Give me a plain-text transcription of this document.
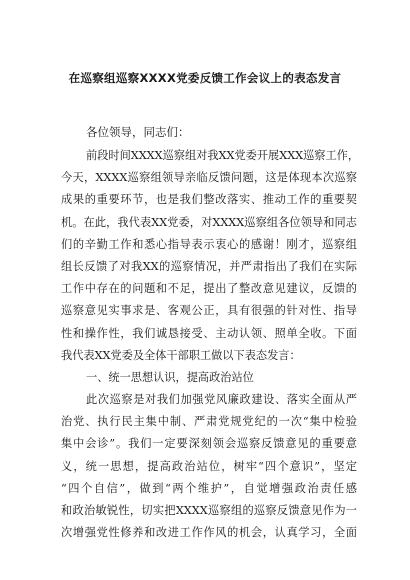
在巡察组巡察XXXX党委反馈工作会议上的表态发言
各位领导，同志们：
前段时间XXXX巡察组对我XX党委开展XXX巡察工作，
今天，XXXX巡察组领导亲临反馈问题，这是体现本次巡察
成果的重要环节，也是我们整改落实、推动工作的重要契
机。在此，我代表XX党委，对XXXX巡察组各位领导和同志
们的辛勤工作和悉心指导表示衷心的感谢！刚才，巡察组
组长反馈了对我XX的巡察情况，并严肃指出了我们在实际
工作中存在的问题和不足，提出了整改意见建议，反馈的
巡察意见实事求是、客观公正，具有很强的针对性、指导
性和操作性，我们诚恳接受、主动认领、照单全收。下面
我代表XX党委及全体干部职工做以下表态发言：
一、统一思想认识，提高政治站位
此次巡察是对我们加强党风廉政建设、落实全面从严
治党、执行民主集中制、严肃党规党纪的一次“集中检验
集中会诊”。我们一定要深刻领会巡察反馈意见的重要意
义，统一思想，提高政治站位，树牢“四个意识”，坚定
“四个自信”，做到“两个维护”，自觉增强政治责任感
和政治敏锐性，切实把XXXX巡察组的巡察反馈意见作为一
次增强党性修养和改进工作作风的机会，认真学习，全面
